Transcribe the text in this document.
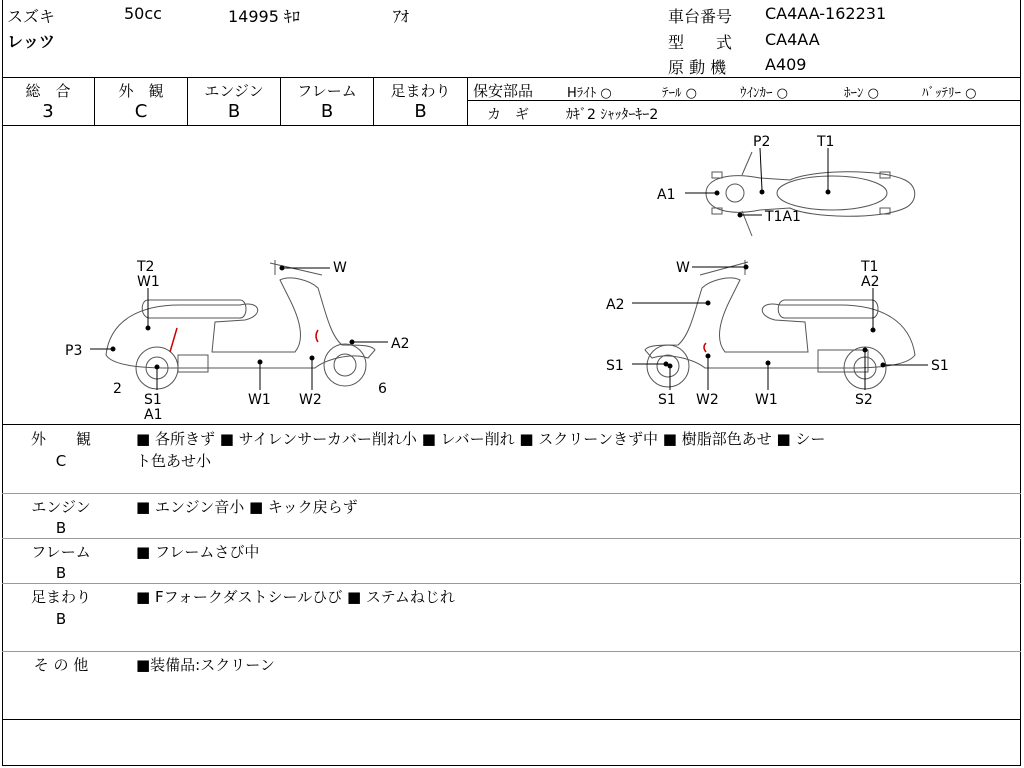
スズキ	50cc	14995 ｷﾛ	ｱｵ
レッツ
車台番号 CA4AA-162231
型　　式 CA4AA
原 動 機 A409
総　合
3
外　観
C
エンジン
B
フレーム
B
足まわり
B
保安部品	Hﾗｲﾄ ○	ﾃｰﾙ ○	ｳｲﾝｶｰ ○	ﾎｰﾝ ○	ﾊﾞｯﾃﾘｰ ○
カ　ギ	ｶｷﾞ2 ｼｬｯﾀｰｷｰ2
P2	T1
A1
T1A1
T2
W1
W
P3	A2
2
S1
A1
W1 W2
6
W	T1
A2
A2
S1	S1
S1 W2	W1	S2
外　　観
C
■ 各所きず ■ サイレンサーカバー削れ小 ■ レバー削れ ■ スクリーンきず中 ■ 樹脂部色あせ ■ シー
ト色あせ小
エンジン
B
■ エンジン音小 ■ キック戻らず
フレーム
B
■ フレームさび中
足まわり
B
■ Fフォークダストシールひび ■ ステムねじれ
そ の 他	■装備品:スクリーン
